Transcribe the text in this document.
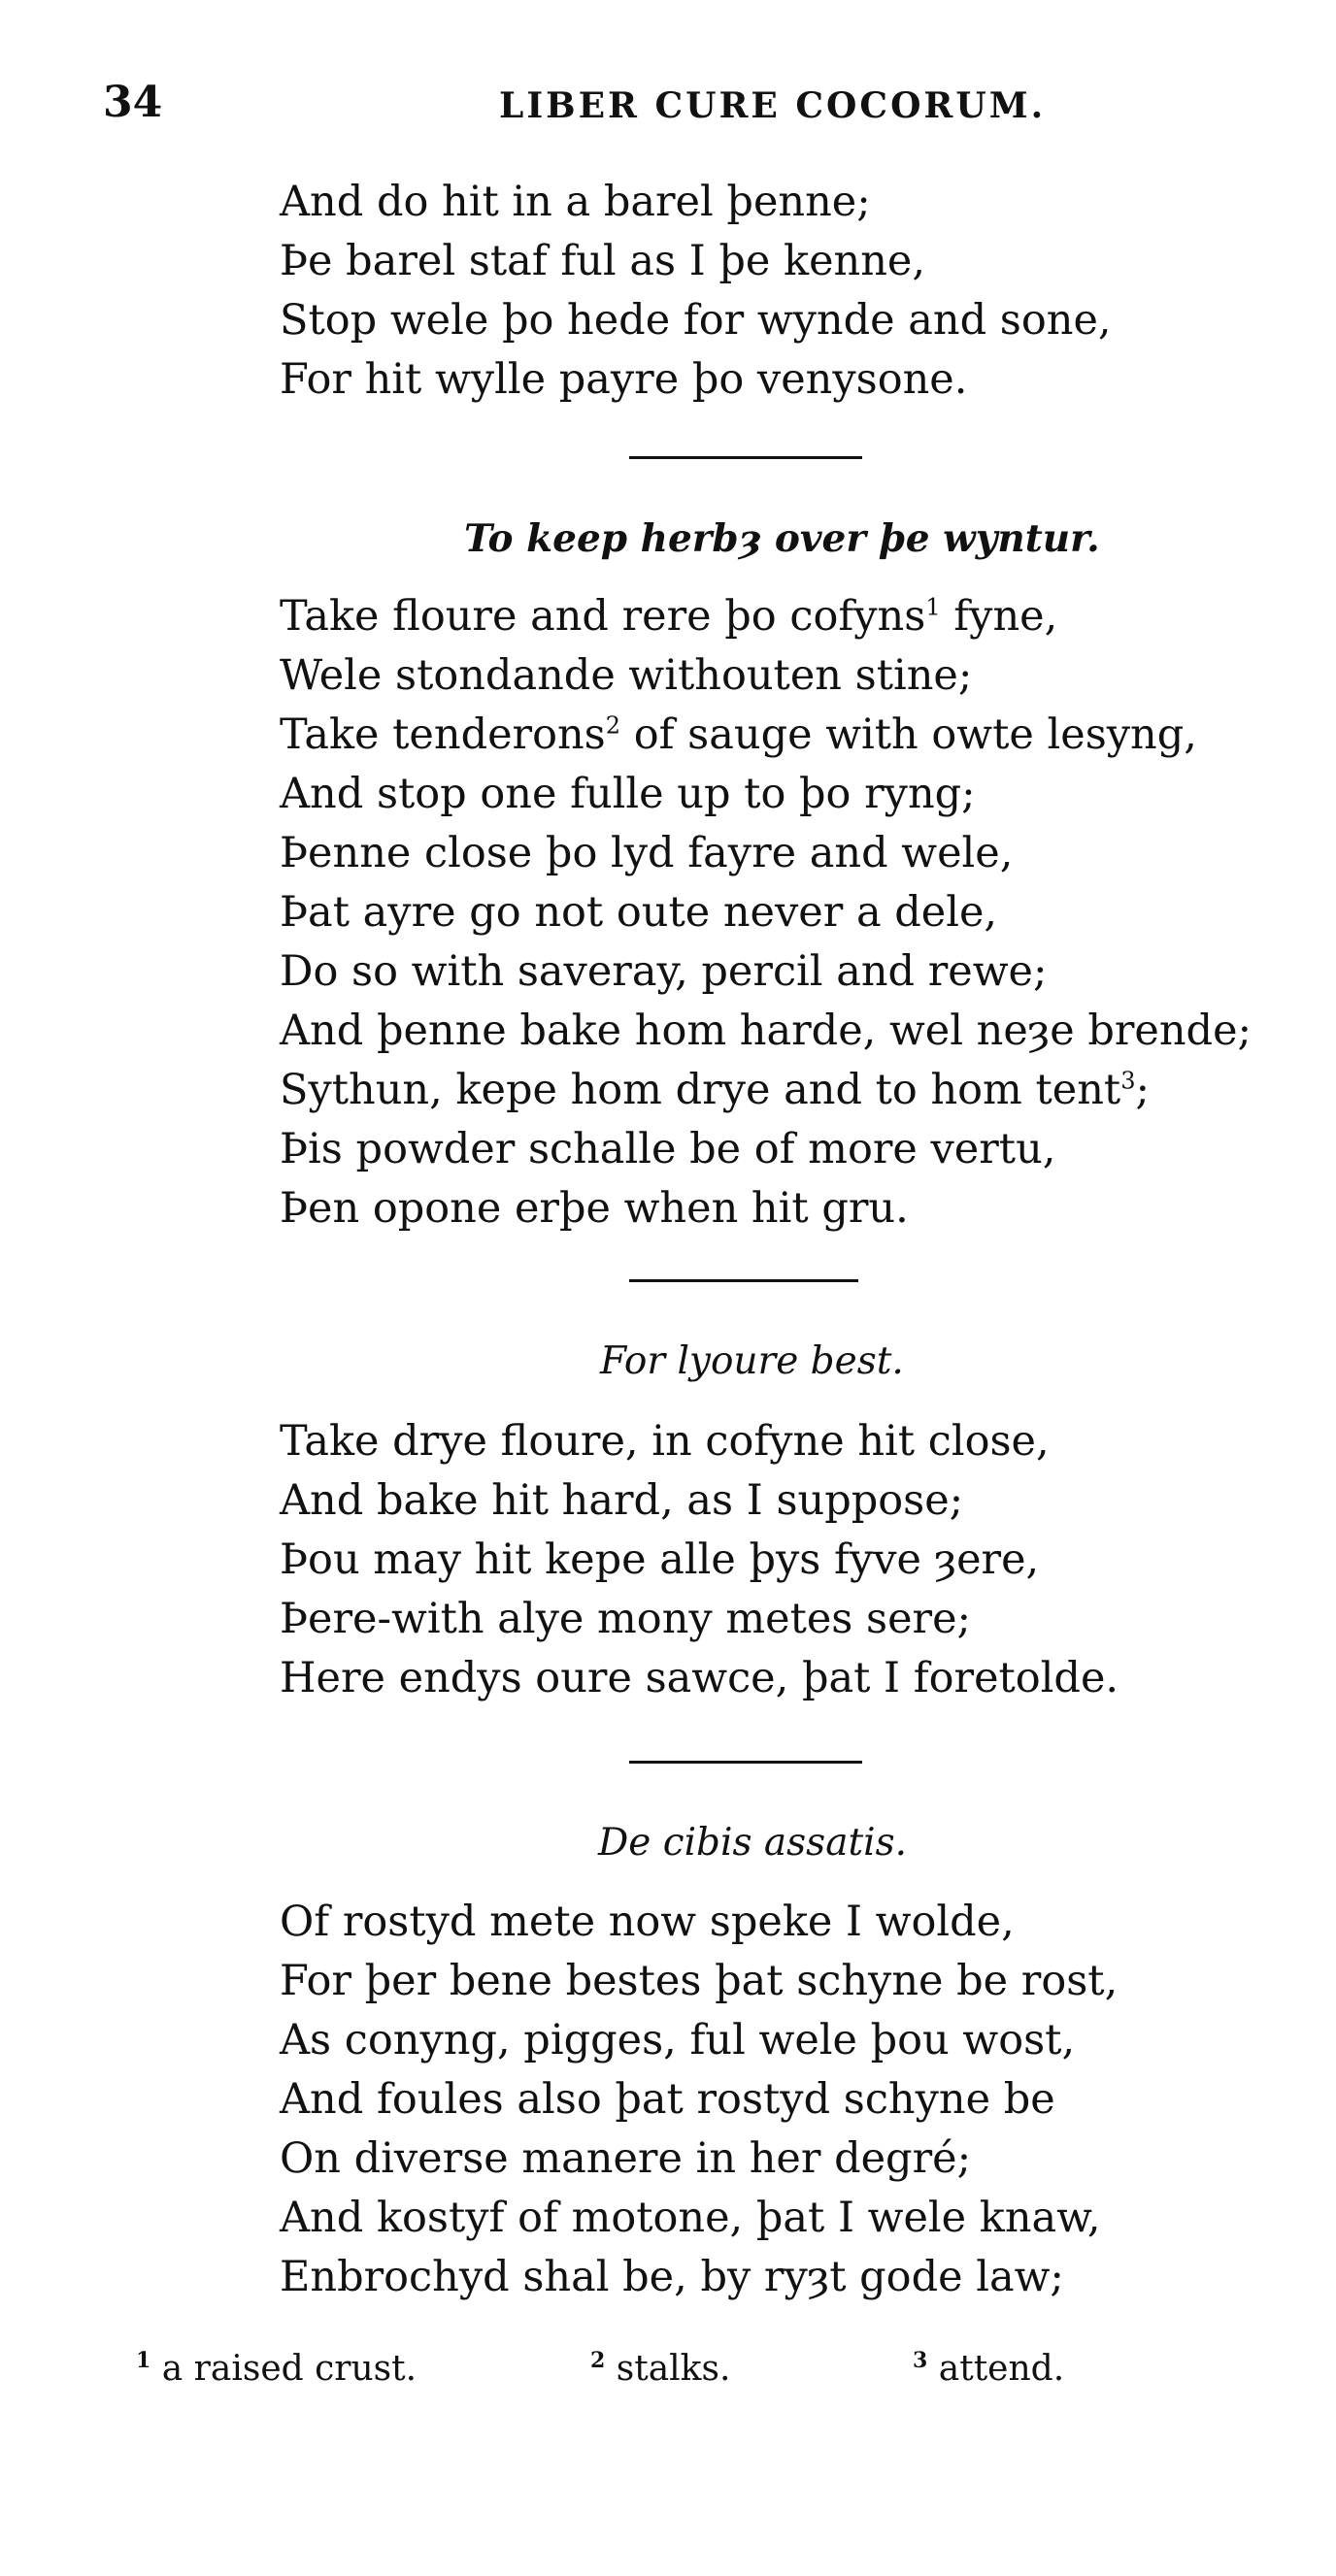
34	LIBER CURE COCORUM.
And do hit in a barel þenne;
Þe barel staf ful as I þe kenne,
Stop wele þo hede for wynde and sone,
For hit wylle payre þo venysone.
To keep herbȝ over þe wyntur.
Take floure and rere þo cofyns$^1$ fyne,
Wele stondande withouten stine;
Take tenderons$^2$ of sauge with owte lesyng,
And stop one fulle up to þo ryng;
Þenne close þo lyd fayre and wele,
Þat ayre go not oute never a dele,
Do so with saveray, percil and rewe;
And þenne bake hom harde, wel neȝe brende;
Sythun, kepe hom drye and to hom tent$^3$;
Þis powder schalle be of more vertu,
Þen opone erþe when hit gru.
For lyoure best.
Take drye floure, in cofyne hit close,
And bake hit hard, as I suppose;
Þou may hit kepe alle þys fyve ȝere,
Þere-with alye mony metes sere;
Here endys oure sawce, þat I foretolde.
De cibis assatis.
Of rostyd mete now speke I wolde,
For þer bene bestes þat schyne be rost,
As conyng, pigges, ful wele þou wost,
And foules also þat rostyd schyne be
On diverse manere in her degré;
And kostyf of motone, þat I wele knaw,
Enbrochyd shal be, by ryȝt gode law;
$^1$ a raised crust.	$^2$ stalks.	$^3$ attend.
